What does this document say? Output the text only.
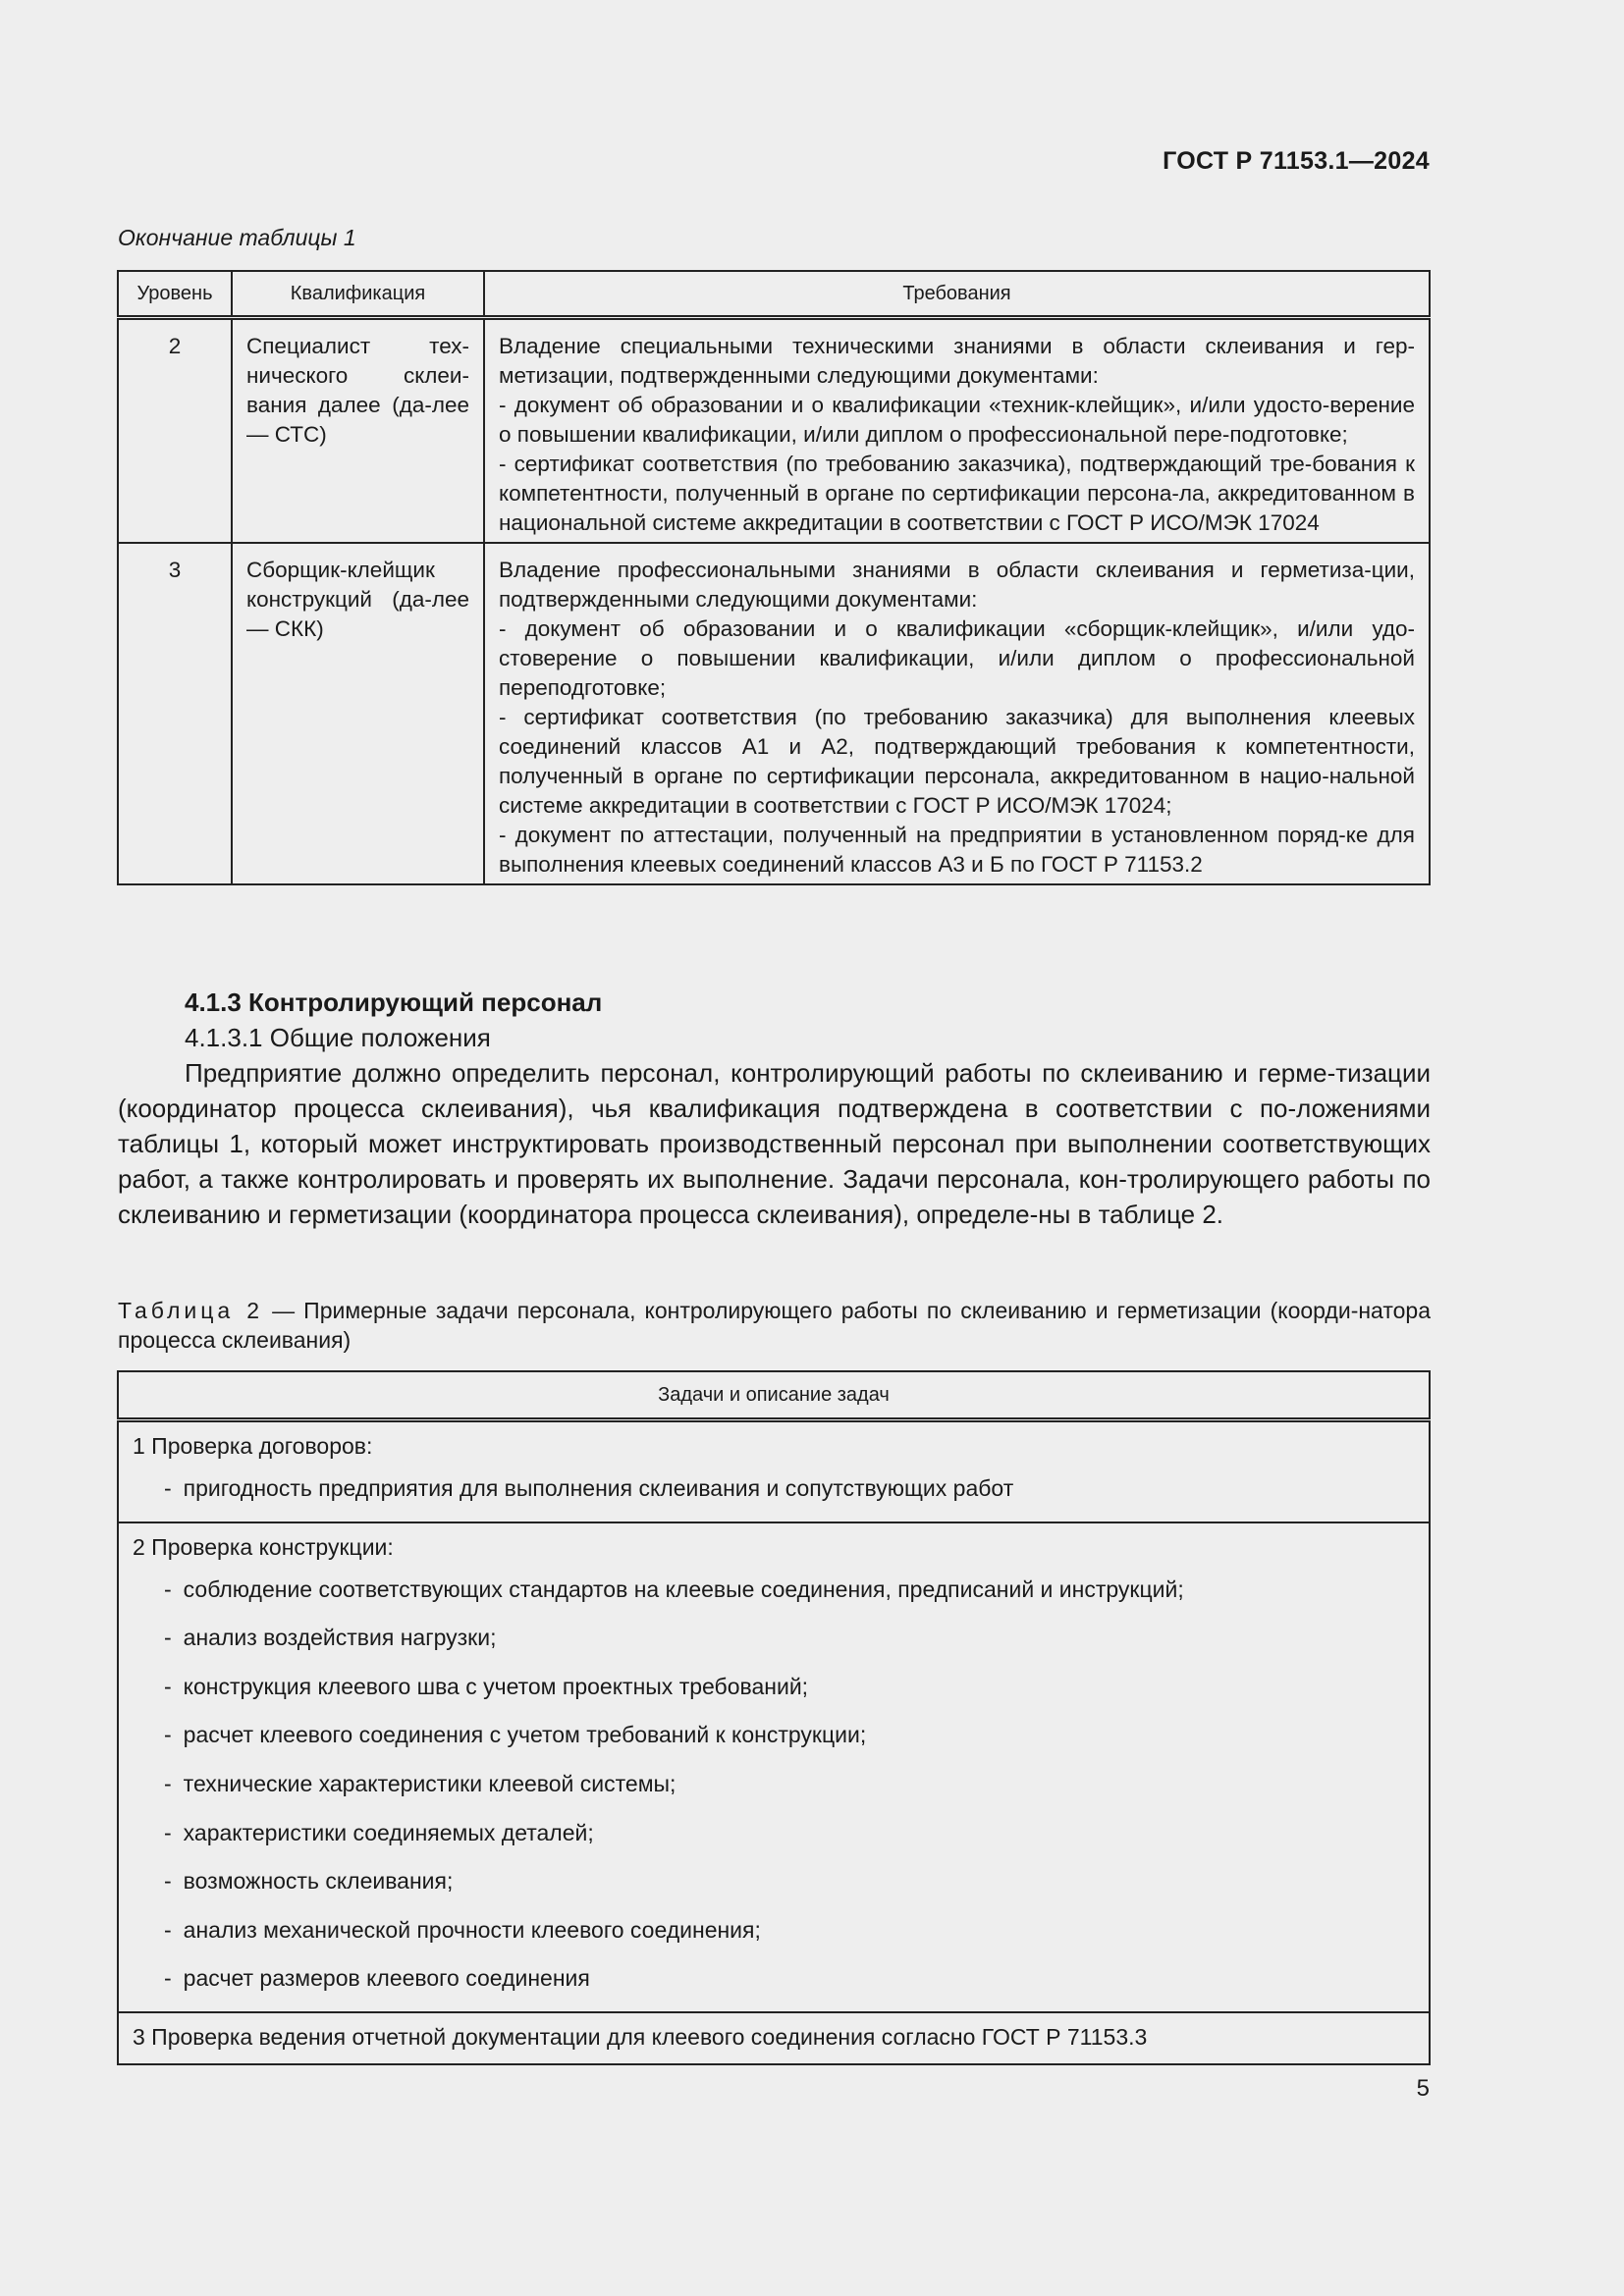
ГОСТ Р 71153.1—2024
Окончание таблицы 1
Уровень	Квалификация	Требования
2	Специалист тех-нического склеи-вания далее (да-лее — СТС)	Владение специальными техническими знаниями в области склеивания и гер-метизации, подтвержденными следующими документами:
- документ об образовании и о квалификации «техник-клейщик», и/или удосто-верение о повышении квалификации, и/или диплом о профессиональной пере-подготовке;
- сертификат соответствия (по требованию заказчика), подтверждающий тре-бования к компетентности, полученный в органе по сертификации персона-ла, аккредитованном в национальной системе аккредитации в соответствии с ГОСТ Р ИСО/МЭК 17024

3	Сборщик-клейщик конструкций (да-лее — СКК)	Владение профессиональными знаниями в области склеивания и герметиза-ции, подтвержденными следующими документами:
- документ об образовании и о квалификации «сборщик-клейщик», и/или удо-стоверение о повышении квалификации, и/или диплом о профессиональной переподготовке;
- сертификат соответствия (по требованию заказчика) для выполнения клеевых соединений классов А1 и А2, подтверждающий требования к компетентности, полученный в органе по сертификации персонала, аккредитованном в нацио-нальной системе аккредитации в соответствии с ГОСТ Р ИСО/МЭК 17024;
- документ по аттестации, полученный на предприятии в установленном поряд-ке для выполнения клеевых соединений классов А3 и Б по ГОСТ Р 71153.2
4.1.3 Контролирующий персонал
4.1.3.1 Общие положения
Предприятие должно определить персонал, контролирующий работы по склеиванию и герме-тизации (координатор процесса склеивания), чья квалификация подтверждена в соответствии с по-ложениями таблицы 1, который может инструктировать производственный персонал при выполнении соответствующих работ, а также контролировать и проверять их выполнение. Задачи персонала, кон-тролирующего работы по склеиванию и герметизации (координатора процесса склеивания), определе-ны в таблице 2.
Таблица 2 — Примерные задачи персонала, контролирующего работы по склеиванию и герметизации (коорди-натора процесса склеивания)
Задачи и описание задач

1 Проверка договоров:
- пригодность предприятия для выполнения склеивания и сопутствующих работ

2 Проверка конструкции:
- соблюдение соответствующих стандартов на клеевые соединения, предписаний и инструкций;
- анализ воздействия нагрузки;
- конструкция клеевого шва с учетом проектных требований;
- расчет клеевого соединения с учетом требований к конструкции;
- технические характеристики клеевой системы;
- характеристики соединяемых деталей;
- возможность склеивания;
- анализ механической прочности клеевого соединения;
- расчет размеров клеевого соединения

3 Проверка ведения отчетной документации для клеевого соединения согласно ГОСТ Р 71153.3
5
